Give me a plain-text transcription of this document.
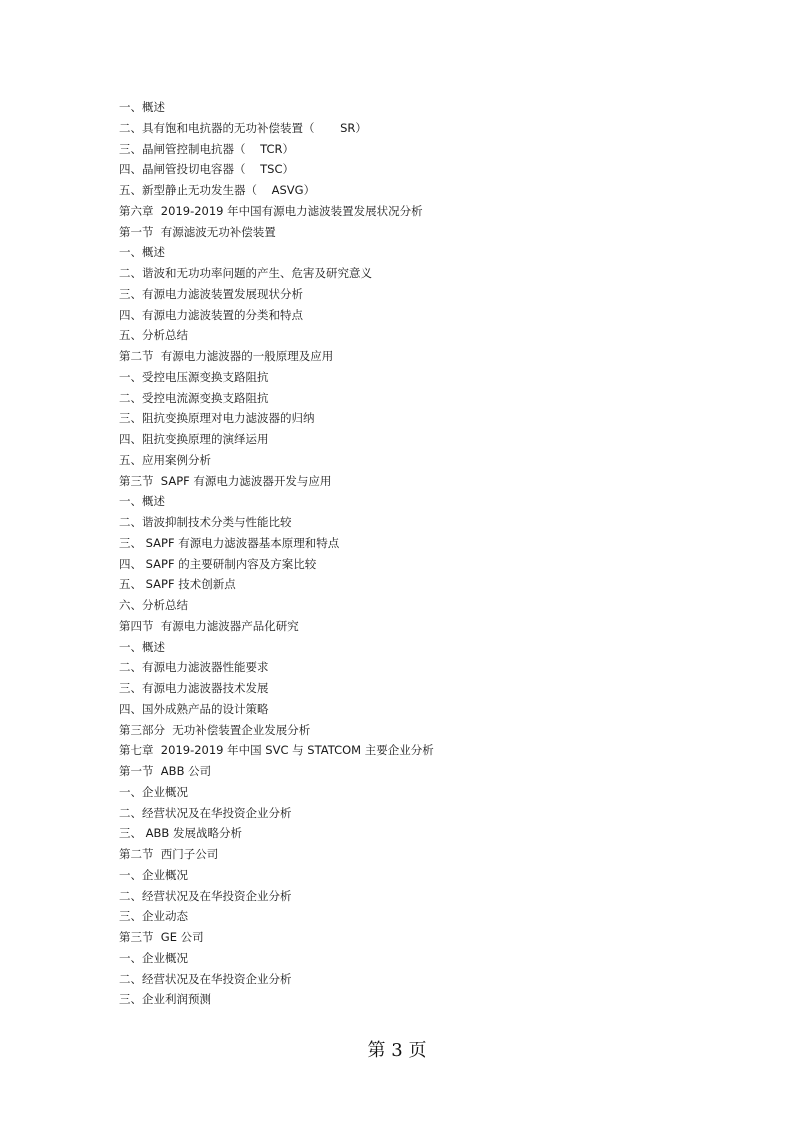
一、概述
二、具有饱和电抗器的无功补偿装置（       SR）
三、晶闸管控制电抗器（    TCR）
四、晶闸管投切电容器（    TSC）
五、新型静止无功发生器（    ASVG）
第六章  2019-2019 年中国有源电力滤波装置发展状况分析
第一节  有源滤波无功补偿装置
一、概述
二、谐波和无功功率问题的产生、危害及研究意义
三、有源电力滤波装置发展现状分析
四、有源电力滤波装置的分类和特点
五、分析总结
第二节  有源电力滤波器的一般原理及应用
一、受控电压源变换支路阻抗
二、受控电流源变换支路阻抗
三、阻抗变换原理对电力滤波器的归纳
四、阻抗变换原理的演绎运用
五、应用案例分析
第三节  SAPF 有源电力滤波器开发与应用
一、概述
二、谐波抑制技术分类与性能比较
三、 SAPF 有源电力滤波器基本原理和特点
四、 SAPF 的主要研制内容及方案比较
五、 SAPF 技术创新点
六、分析总结
第四节  有源电力滤波器产品化研究
一、概述
二、有源电力滤波器性能要求
三、有源电力滤波器技术发展
四、国外成熟产品的设计策略
第三部分  无功补偿装置企业发展分析
第七章  2019-2019 年中国 SVC 与 STATCOM 主要企业分析
第一节  ABB 公司
一、企业概况
二、经营状况及在华投资企业分析
三、 ABB 发展战略分析
第二节  西门子公司
一、企业概况
二、经营状况及在华投资企业分析
三、企业动态
第三节  GE 公司
一、企业概况
二、经营状况及在华投资企业分析
三、企业利润预测
第 3 页
